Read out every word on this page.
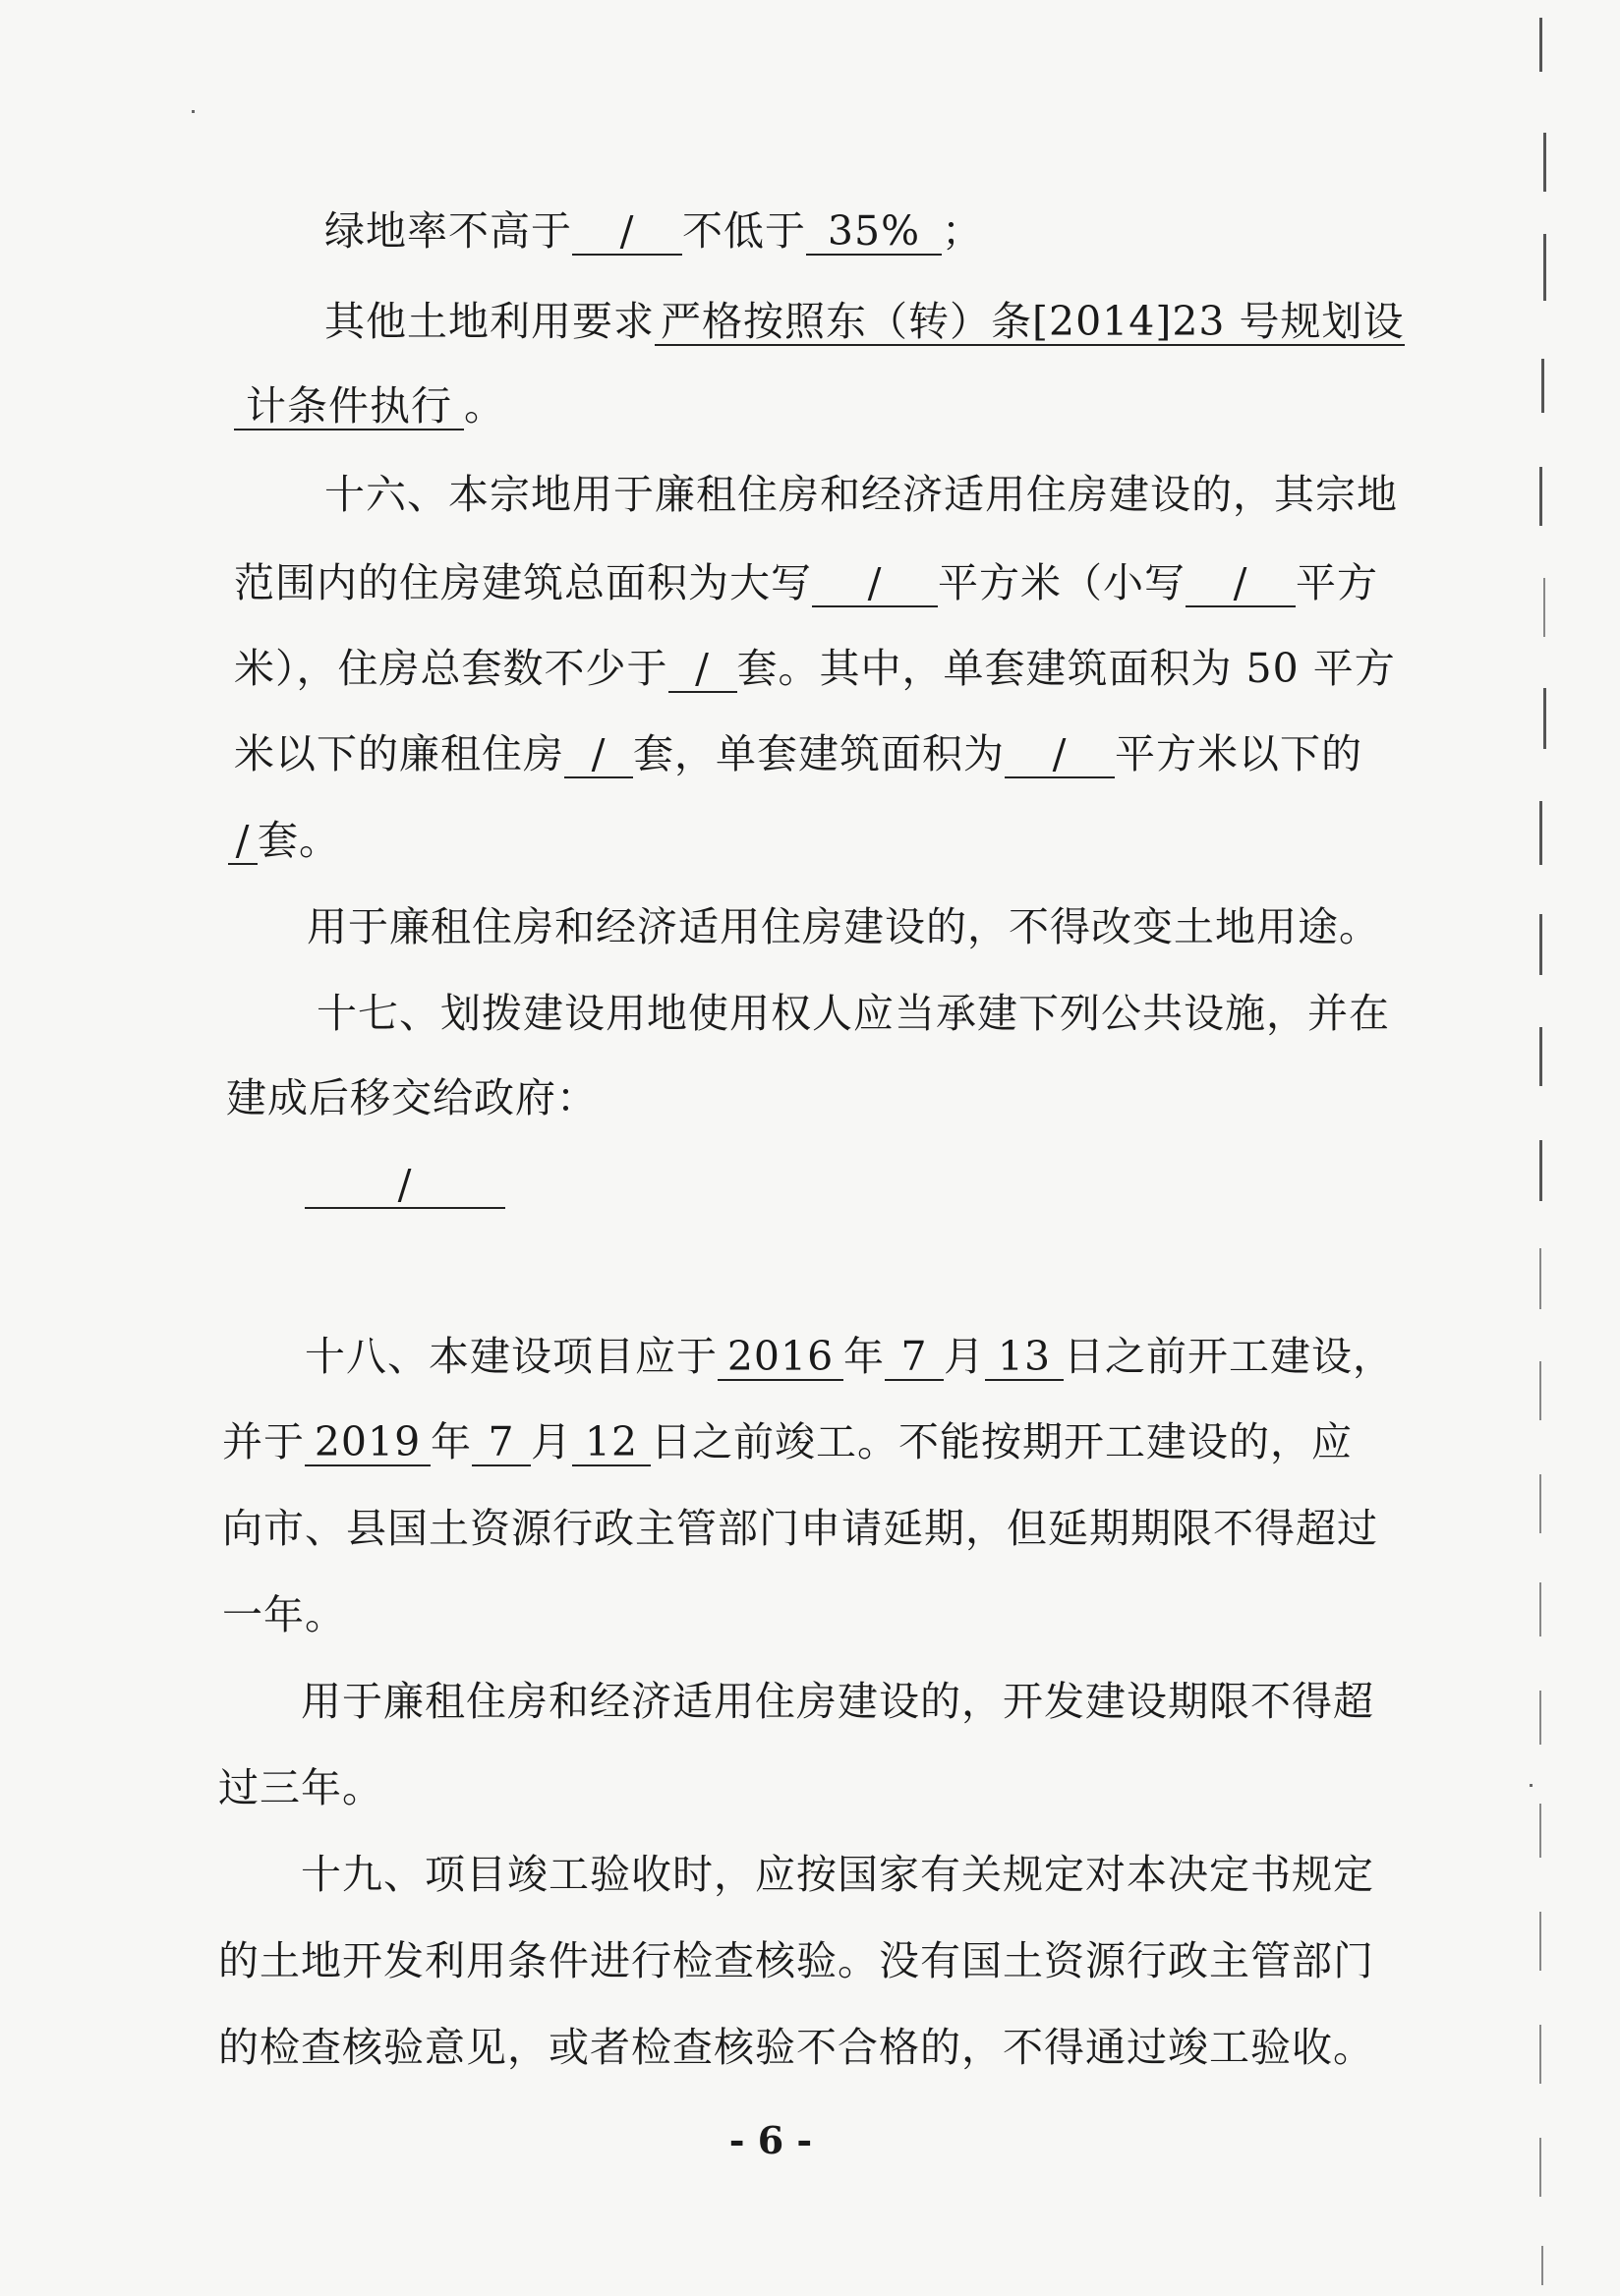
绿地率不高于 / 不低于 35% ；
其他土地利用要求 严格按照东（转）条[2014]23 号规划设
计条件执行 。
十六、本宗地用于廉租住房和经济适用住房建设的，其宗地
范围内的住房建筑总面积为大写 / 平方米（小写 / 平方
米），住房总套数不少于 / 套。其中，单套建筑面积为 50 平方
米以下的廉租住房 / 套，单套建筑面积为 / 平方米以下的
/ 套。
用于廉租住房和经济适用住房建设的，不得改变土地用途。
十七、划拨建设用地使用权人应当承建下列公共设施，并在
建成后移交给政府：
/
十八、本建设项目应于 2016 年 7 月 13 日之前开工建设，
并于 2019 年 7 月 12 日之前竣工。不能按期开工建设的，应
向市、县国土资源行政主管部门申请延期，但延期期限不得超过
一年。
用于廉租住房和经济适用住房建设的，开发建设期限不得超
过三年。
十九、项目竣工验收时，应按国家有关规定对本决定书规定
的土地开发利用条件进行检查核验。没有国土资源行政主管部门
的检查核验意见，或者检查核验不合格的，不得通过竣工验收。
- 6 -
